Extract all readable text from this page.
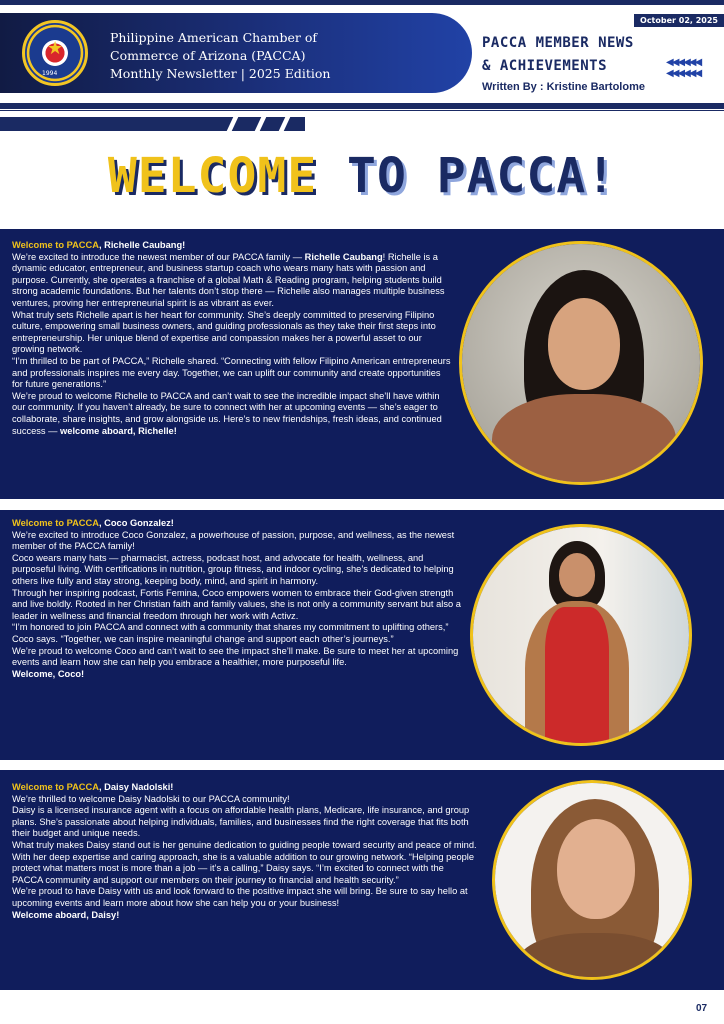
★
1994
Philippine American Chamber of
Commerce of Arizona (PACCA)
Monthly Newsletter | 2025 Edition
October 02, 2025
PACCA MEMBER NEWS
& ACHIEVEMENTS	◀◀◀◀◀◀
◀◀◀◀◀◀
Written By : Kristine Bartolome
WELCOME TO PACCA!

Welcome to PACCA, Richelle Caubang!

We’re excited to introduce the newest member of our PACCA family — Richelle Caubang! Richelle is a dynamic educator, entrepreneur, and business startup coach who wears many hats with passion and purpose. Currently, she operates a franchise of a global Math & Reading program, helping students build strong academic foundations. But her talents don’t stop there — Richelle also manages multiple business ventures, proving her entrepreneurial spirit is as vibrant as ever.

What truly sets Richelle apart is her heart for community. She’s deeply committed to preserving Filipino culture, empowering small business owners, and guiding professionals as they take their first steps into entrepreneurship. Her unique blend of expertise and compassion makes her a powerful asset to our growing network.

“I’m thrilled to be part of PACCA,” Richelle shared. “Connecting with fellow Filipino American entrepreneurs and professionals inspires me every day. Together, we can uplift our community and create opportunities for future generations.”

We’re proud to welcome Richelle to PACCA and can’t wait to see the incredible impact she’ll have within our community. If you haven’t already, be sure to connect with her at upcoming events — she’s eager to collaborate, share insights, and grow alongside us. Here’s to new friendships, fresh ideas, and continued success — welcome aboard, Richelle!

Welcome to PACCA, Coco Gonzalez!

We’re excited to introduce Coco Gonzalez, a powerhouse of passion, purpose, and wellness, as the newest member of the PACCA family!

Coco wears many hats — pharmacist, actress, podcast host, and advocate for health, wellness, and purposeful living. With certifications in nutrition, group fitness, and indoor cycling, she’s dedicated to helping others live fully and stay strong, keeping body, mind, and spirit in harmony.

Through her inspiring podcast, Fortis Femina, Coco empowers women to embrace their God-given strength and live boldly. Rooted in her Christian faith and family values, she is not only a community servant but also a leader in wellness and financial freedom through her work with Activz.

“I’m honored to join PACCA and connect with a community that shares my commitment to uplifting others,” Coco says. “Together, we can inspire meaningful change and support each other’s journeys.”

We’re proud to welcome Coco and can’t wait to see the impact she’ll make. Be sure to meet her at upcoming events and learn how she can help you embrace a healthier, more purposeful life.

Welcome, Coco!

Welcome to PACCA, Daisy Nadolski!

We’re thrilled to welcome Daisy Nadolski to our PACCA community!

Daisy is a licensed insurance agent with a focus on affordable health plans, Medicare, life insurance, and group plans. She’s passionate about helping individuals, families, and businesses find the right coverage that fits both their budget and unique needs.

What truly makes Daisy stand out is her genuine dedication to guiding people toward security and peace of mind. With her deep expertise and caring approach, she is a valuable addition to our growing network. “Helping people protect what matters most is more than a job — it’s a calling,” Daisy says. “I’m excited to connect with the PACCA community and support our members on their journey to financial and health security.”

We’re proud to have Daisy with us and look forward to the positive impact she will bring. Be sure to say hello at upcoming events and learn more about how she can help you or your business!

Welcome aboard, Daisy!

07
